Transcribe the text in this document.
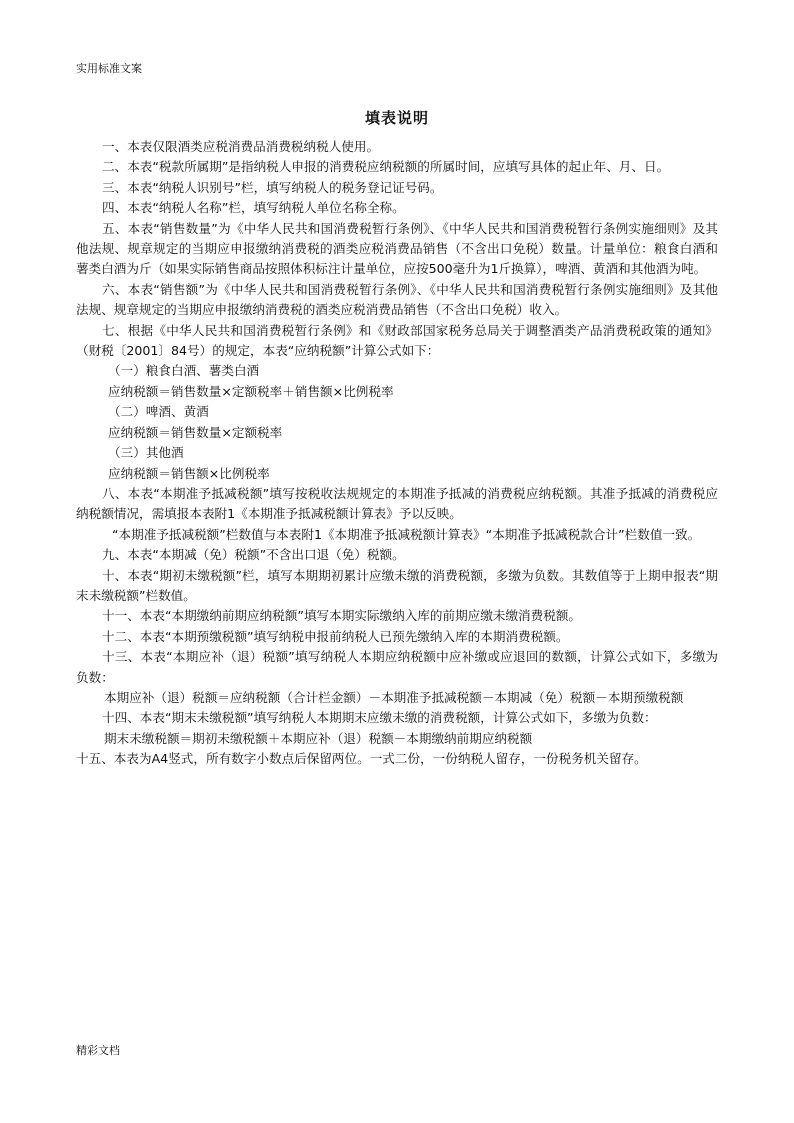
实用标准文案
填表说明

一、本表仅限酒类应税消费品消费税纳税人使用。

二、本表“税款所属期”是指纳税人申报的消费税应纳税额的所属时间，应填写具体的起止年、月、日。

三、本表“纳税人识别号”栏，填写纳税人的税务登记证号码。

四、本表“纳税人名称”栏，填写纳税人单位名称全称。

五、本表“销售数量”为《中华人民共和国消费税暂行条例》、《中华人民共和国消费税暂行条例实施细则》及其他法规、规章规定的当期应申报缴纳消费税的酒类应税消费品销售（不含出口免税）数量。计量单位：粮食白酒和薯类白酒为斤（如果实际销售商品按照体积标注计量单位，应按500毫升为1斤换算），啤酒、黄酒和其他酒为吨。

六、本表“销售额”为《中华人民共和国消费税暂行条例》、《中华人民共和国消费税暂行条例实施细则》及其他法规、规章规定的当期应申报缴纳消费税的酒类应税消费品销售（不含出口免税）收入。

七、根据《中华人民共和国消费税暂行条例》和《财政部国家税务总局关于调整酒类产品消费税政策的通知》（财税〔2001〕84号）的规定，本表“应纳税额”计算公式如下：

（一）粮食白酒、薯类白酒

应纳税额＝销售数量×定额税率＋销售额×比例税率

（二）啤酒、黄酒

应纳税额＝销售数量×定额税率

（三）其他酒

应纳税额＝销售额×比例税率

八、本表“本期准予抵减税额”填写按税收法规规定的本期准予抵减的消费税应纳税额。其准予抵减的消费税应纳税额情况，需填报本表附1《本期准予抵减税额计算表》予以反映。

“本期准予抵减税额”栏数值与本表附1《本期准予抵减税额计算表》“本期准予抵减税款合计”栏数值一致。

九、本表“本期减（免）税额”不含出口退（免）税额。

十、本表“期初未缴税额”栏，填写本期期初累计应缴未缴的消费税额，多缴为负数。其数值等于上期申报表“期末未缴税额”栏数值。

十一、本表“本期缴纳前期应纳税额”填写本期实际缴纳入库的前期应缴未缴消费税额。

十二、本表“本期预缴税额”填写纳税申报前纳税人已预先缴纳入库的本期消费税额。

十三、本表“本期应补（退）税额”填写纳税人本期应纳税额中应补缴或应退回的数额，计算公式如下，多缴为负数：

本期应补（退）税额＝应纳税额（合计栏金额）－本期准予抵减税额－本期减（免）税额－本期预缴税额

十四、本表“期末未缴税额”填写纳税人本期期末应缴未缴的消费税额，计算公式如下，多缴为负数：

期末未缴税额＝期初未缴税额＋本期应补（退）税额－本期缴纳前期应纳税额

十五、本表为A4竖式，所有数字小数点后保留两位。一式二份，一份纳税人留存，一份税务机关留存。

精彩文档
